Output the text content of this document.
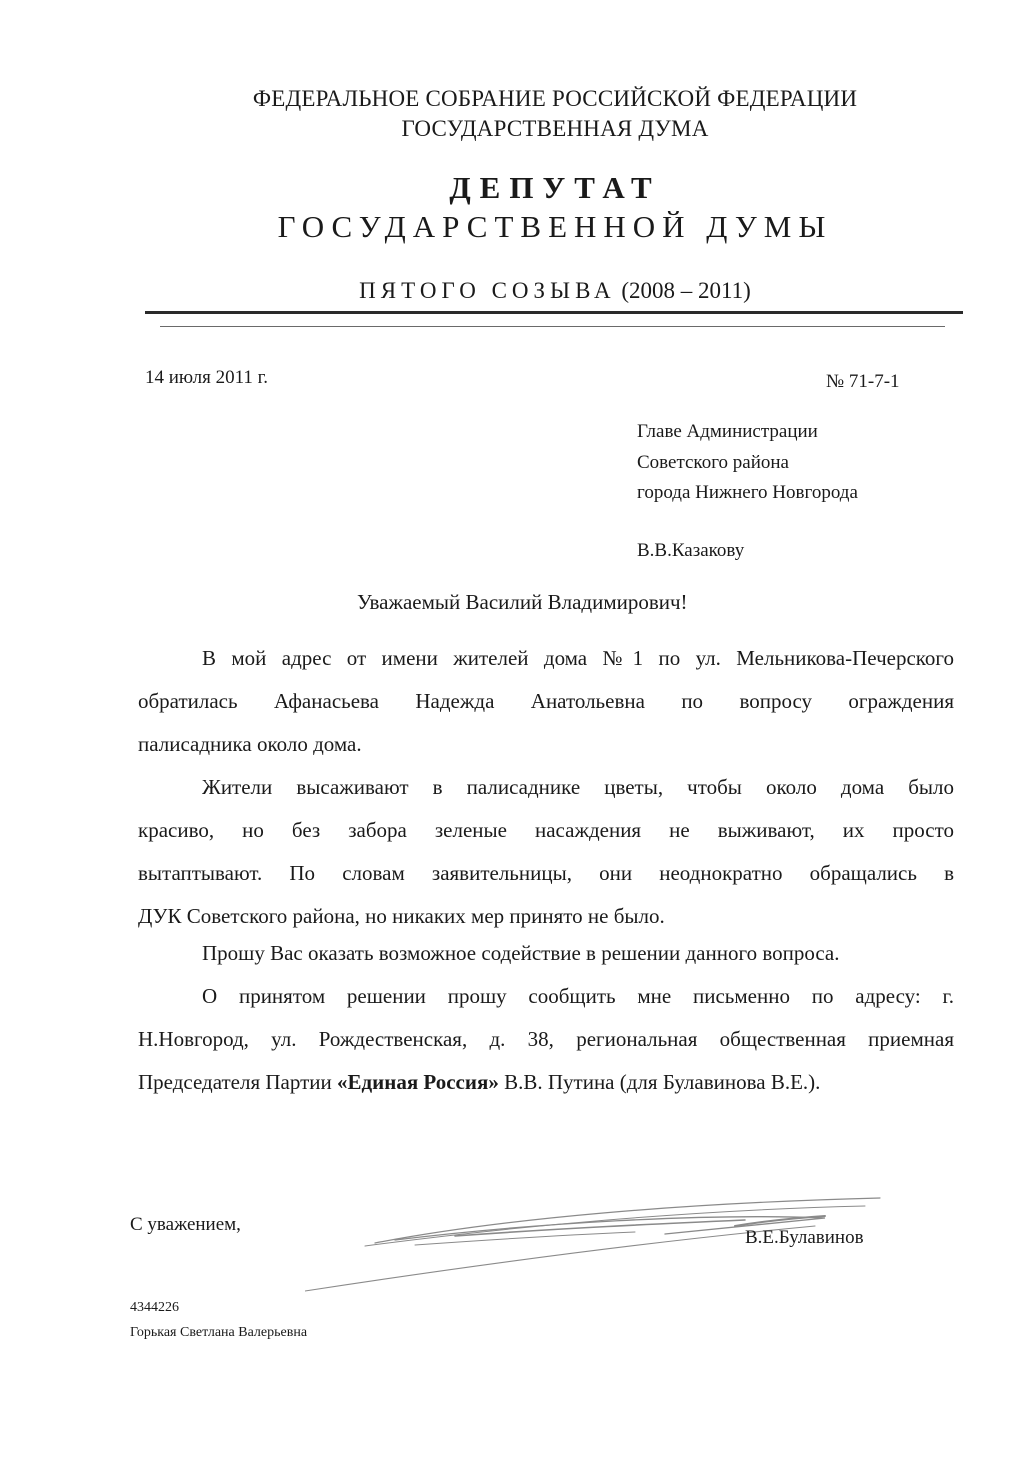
ФЕДЕРАЛЬНОЕ СОБРАНИЕ РОССИЙСКОЙ ФЕДЕРАЦИИ
ГОСУДАРСТВЕННАЯ ДУМА
ДЕПУТАТ
ГОСУДАРСТВЕННОЙ ДУМЫ
ПЯТОГО СОЗЫВА (2008 – 2011)
14 июля 2011 г.	№ 71-7-1
Главе Администрации
Советского района
города Нижнего Новгорода
В.В.Казакову
Уважаемый Василий Владимирович!
В мой адрес от имени жителей дома №1 по ул. Мельникова-Печерского
обратилась Афанасьева Надежда Анатольевна по вопросу ограждения
палисадника около дома.
Жители высаживают в палисаднике цветы, чтобы около дома было
красиво, но без забора зеленые насаждения не выживают, их просто
вытаптывают. По словам заявительницы, они неоднократно обращались в
ДУК Советского района, но никаких мер принято не было.
Прошу Вас оказать возможное содействие в решении данного вопроса.
О принятом решении прошу сообщить мне письменно по адресу: г.
Н.Новгород, ул. Рождественская, д. 38, региональная общественная приемная
Председателя Партии «Единая Россия» В.В. Путина (для Булавинова В.Е.).
С уважением,
В.Е.Булавинов
4344226
Горькая Светлана Валерьевна
